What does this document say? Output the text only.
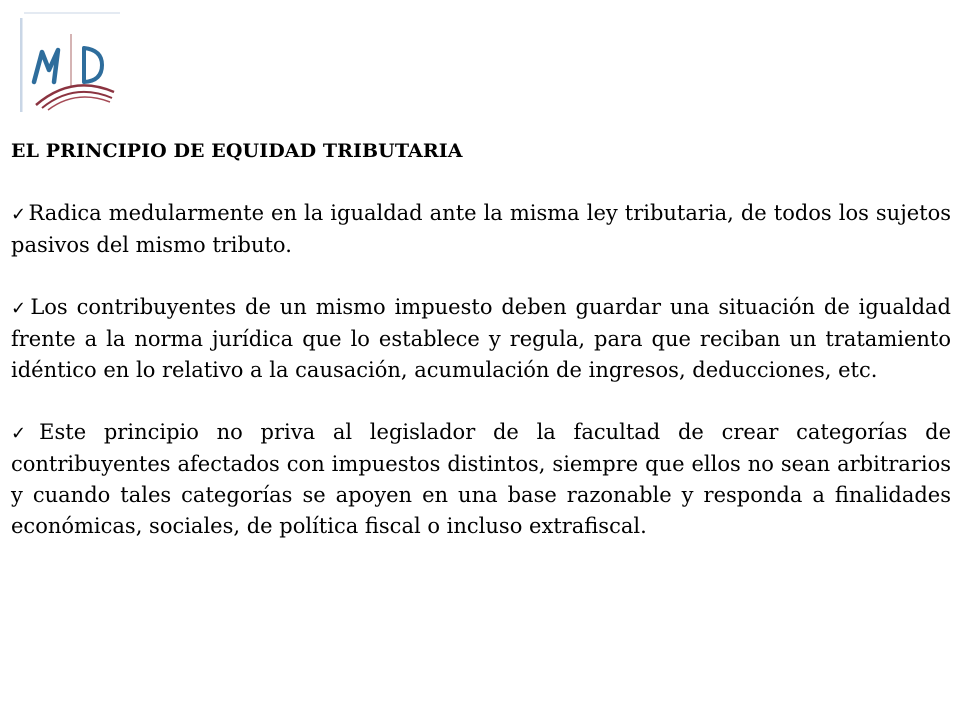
EL PRINCIPIO DE EQUIDAD TRIBUTARIA
✓Radica medularmente en la igualdad ante la misma ley tributaria, de todos los sujetos pasivos del mismo tributo.
✓Los contribuyentes de un mismo impuesto deben guardar una situación de igualdad frente a la norma jurídica que lo establece y regula, para que reciban un tratamiento idéntico en lo relativo a la causación, acumulación de ingresos, deducciones, etc.
✓Este principio no priva al legislador de la facultad de crear categorías de contribuyentes afectados con impuestos distintos, siempre que ellos no sean arbitrarios y cuando tales categorías se apoyen en una base razonable y responda a finalidades económicas, sociales, de política fiscal o incluso extrafiscal.
